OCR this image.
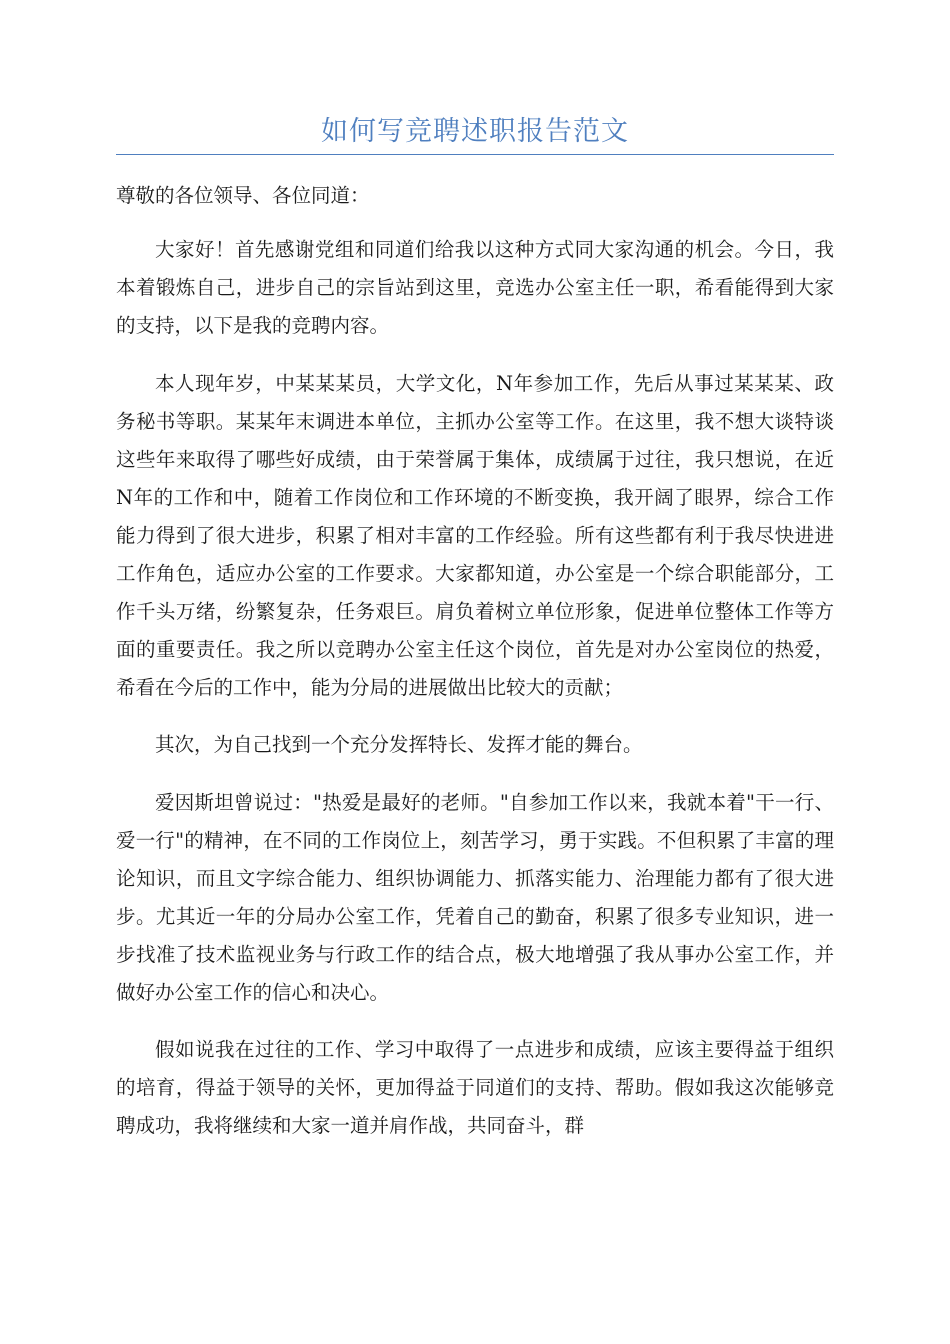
如何写竞聘述职报告范文
尊敬的各位领导、各位同道：

大家好！首先感谢党组和同道们给我以这种方式同大家沟通的机会。今日，我本着锻炼自己，进步自己的宗旨站到这里，竞选办公室主任一职，希看能得到大家的支持，以下是我的竞聘内容。

本人现年岁，中某某某员，大学文化，N年参加工作，先后从事过某某某、政务秘书等职。某某年末调进本单位，主抓办公室等工作。在这里，我不想大谈特谈这些年来取得了哪些好成绩，由于荣誉属于集体，成绩属于过往，我只想说，在近N年的工作和中，随着工作岗位和工作环境的不断变换，我开阔了眼界，综合工作能力得到了很大进步，积累了相对丰富的工作经验。所有这些都有利于我尽快进进工作角色，适应办公室的工作要求。大家都知道，办公室是一个综合职能部分，工作千头万绪，纷繁复杂，任务艰巨。肩负着树立单位形象，促进单位整体工作等方面的重要责任。我之所以竞聘办公室主任这个岗位，首先是对办公室岗位的热爱，希看在今后的工作中，能为分局的进展做出比较大的贡献；

其次，为自己找到一个充分发挥特长、发挥才能的舞台。

爱因斯坦曾说过："热爱是最好的老师。"自参加工作以来，我就本着"干一行、爱一行"的精神，在不同的工作岗位上，刻苦学习，勇于实践。不但积累了丰富的理论知识，而且文字综合能力、组织协调能力、抓落实能力、治理能力都有了很大进步。尤其近一年的分局办公室工作，凭着自己的勤奋，积累了很多专业知识，进一步找准了技术监视业务与行政工作的结合点，极大地增强了我从事办公室工作，并做好办公室工作的信心和决心。

假如说我在过往的工作、学习中取得了一点进步和成绩，应该主要得益于组织的培育，得益于领导的关怀，更加得益于同道们的支持、帮助。假如我这次能够竞聘成功，我将继续和大家一道并肩作战，共同奋斗，群
